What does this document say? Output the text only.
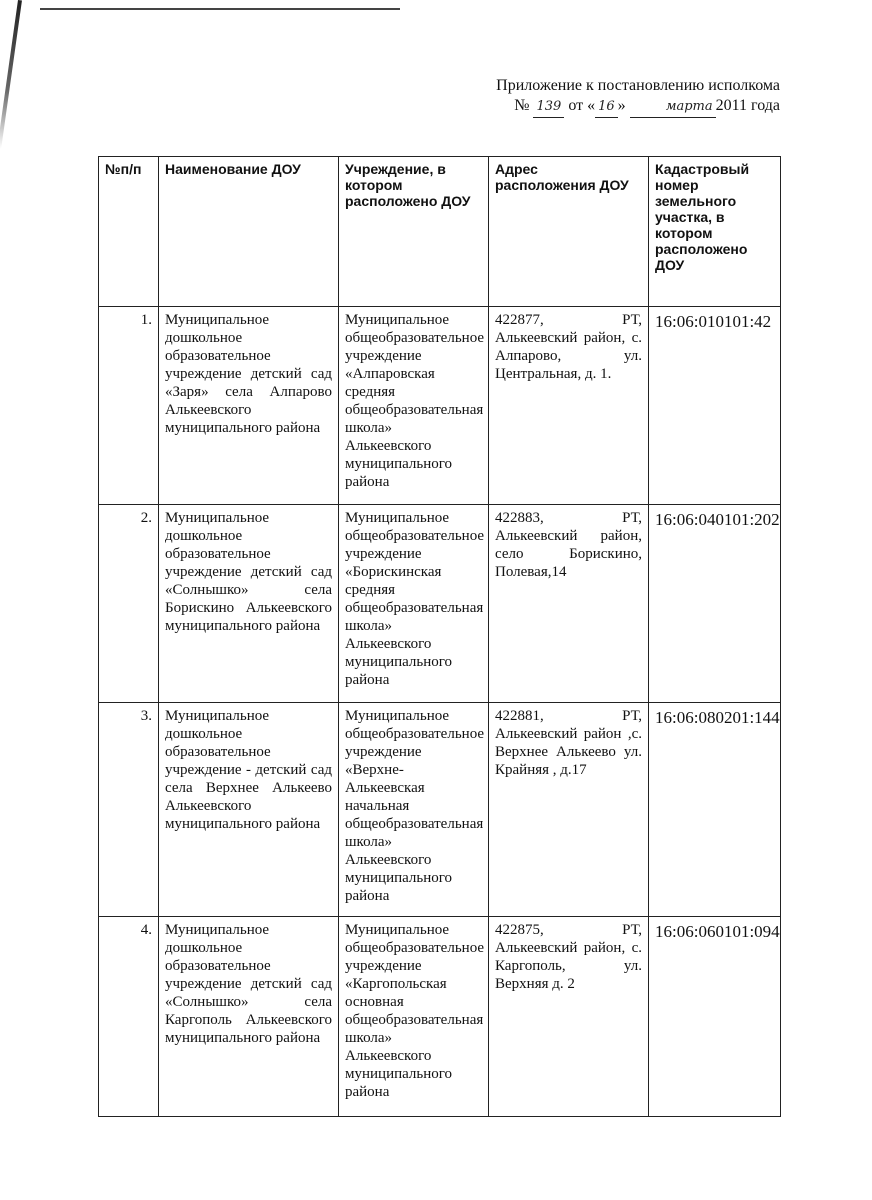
Приложение к постановлению исполкома
№ 139 от « 16 »	марта 2011 года
№п/п	Наименование ДОУ	Учреждение, в котором расположено ДОУ	Адрес расположения ДОУ	Кадастровый номер земельного участка, в котором расположено ДОУ
1.	Муниципальное дошкольное образовательное учреждение детский сад «Заря» села Алпарово Алькеевского муниципального района	Муниципальное общеобразовательное учреждение «Алпаровская средняя общеобразовательная школа» Алькеевского муниципального района	422877, РТ, Алькеевский район, с. Алпарово, ул. Центральная, д. 1.	16:06:010101:42
2.	Муниципальное дошкольное образовательное учреждение детский сад «Солнышко» села Борискино Алькеевского муниципального района	Муниципальное общеобразовательное учреждение «Борискинская средняя общеобразовательная школа» Алькеевского муниципального района	422883, РТ, Алькеевский район, село Борискино, Полевая,14	16:06:040101:202
3.	Муниципальное дошкольное образовательное учреждение - детский сад села Верхнее Алькеево Алькеевского муниципального района	Муниципальное общеобразовательное учреждение «Верхне-Алькеевская начальная общеобразовательная школа» Алькеевского муниципального района	422881, РТ, Алькеевский район ,с. Верхнее Алькеево ул. Крайняя , д.17	16:06:080201:144
4.	Муниципальное дошкольное образовательное учреждение детский сад «Солнышко» села Каргополь Алькеевского муниципального района	Муниципальное общеобразовательное учреждение «Каргопольская основная общеобразовательная школа» Алькеевского муниципального района	422875, РТ, Алькеевский район, с. Каргополь, ул. Верхняя д. 2	16:06:060101:094
